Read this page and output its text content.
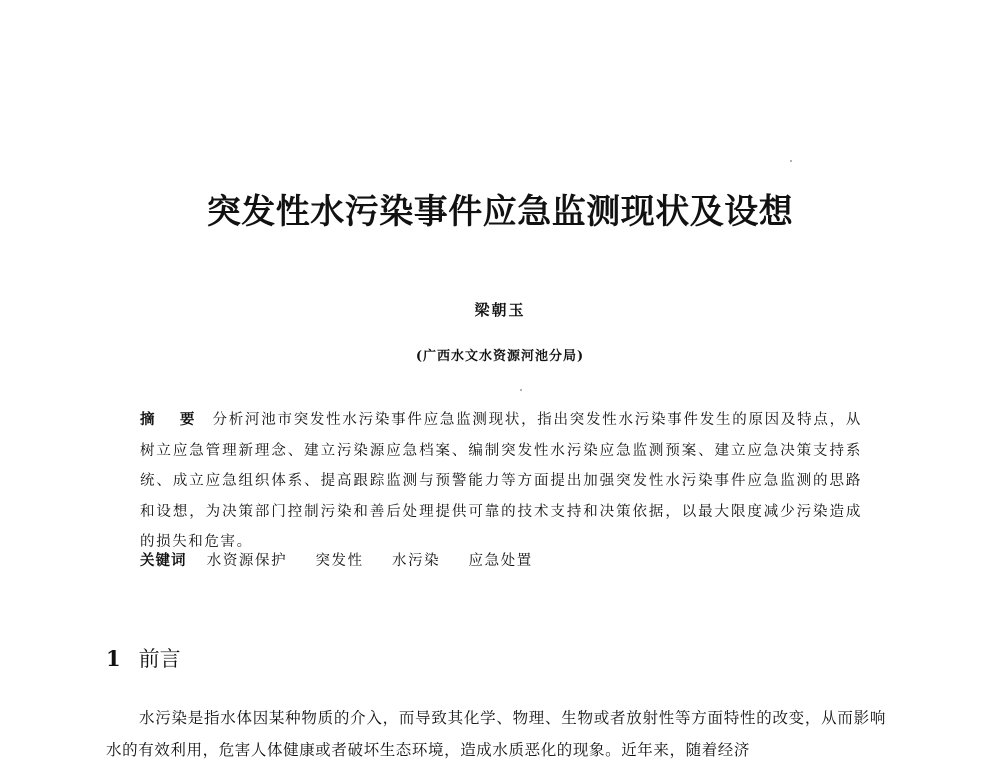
突发性水污染事件应急监测现状及设想
梁朝玉
(广西水文水资源河池分局)
摘 要 分析河池市突发性水污染事件应急监测现状，指出突发性水污染事件发生的原因及特点，从树立应急管理新理念、建立污染源应急档案、编制突发性水污染应急监测预案、建立应急决策支持系统、成立应急组织体系、提高跟踪监测与预警能力等方面提出加强突发性水污染事件应急监测的思路和设想，为决策部门控制污染和善后处理提供可靠的技术支持和决策依据，以最大限度减少污染造成的损失和危害。
关键词 水资源保护 突发性 水污染 应急处置
1 前言
水污染是指水体因某种物质的介入，而导致其化学、物理、生物或者放射性等方面特性的改变，从而影响水的有效利用，危害人体健康或者破坏生态环境，造成水质恶化的现象。近年来，随着经济
